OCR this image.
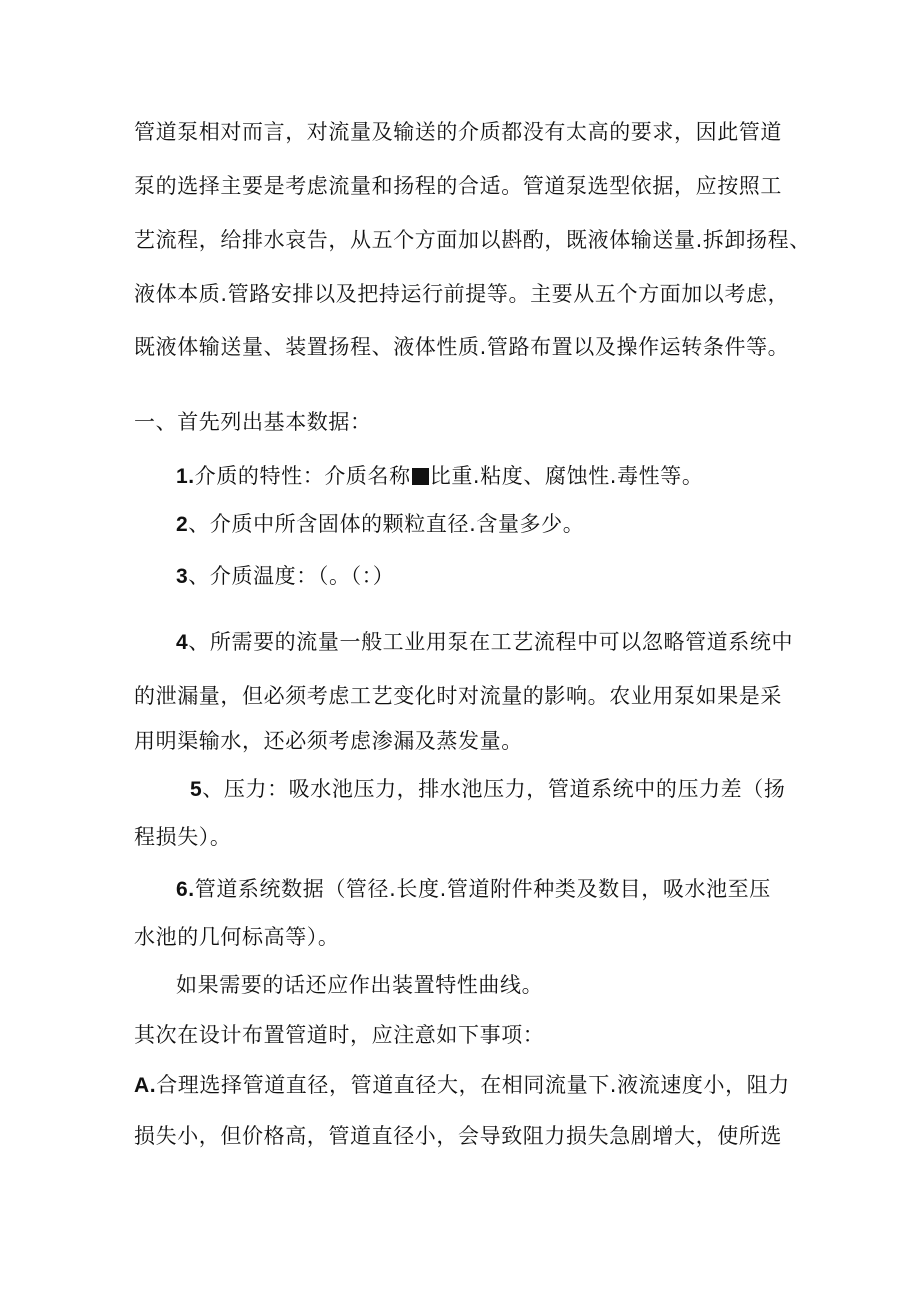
管道泵相对而言，对流量及输送的介质都没有太高的要求，因此管道
泵的选择主要是考虑流量和扬程的合适。管道泵选型依据，应按照工
艺流程，给排水哀告，从五个方面加以斟酌，既液体输送量.拆卸扬程、
液体本质.管路安排以及把持运行前提等。主要从五个方面加以考虑，
既液体输送量、装置扬程、液体性质.管路布置以及操作运转条件等。
一、首先列出基本数据：
1.介质的特性：介质名称 比重.粘度、腐蚀性.毒性等。
2、介质中所含固体的颗粒直径.含量多少。
3、介质温度：（。（：）
4、所需要的流量一般工业用泵在工艺流程中可以忽略管道系统中
的泄漏量，但必须考虑工艺变化时对流量的影响。农业用泵如果是采
用明渠输水，还必须考虑渗漏及蒸发量。
5、压力：吸水池压力，排水池压力，管道系统中的压力差（扬
程损失）。
6.管道系统数据（管径.长度.管道附件种类及数目，吸水池至压
水池的几何标高等）。
如果需要的话还应作出装置特性曲线。
其次在设计布置管道时，应注意如下事项：
A.合理选择管道直径，管道直径大，在相同流量下.液流速度小，阻力
损失小，但价格高，管道直径小，会导致阻力损失急剧增大，使所选
